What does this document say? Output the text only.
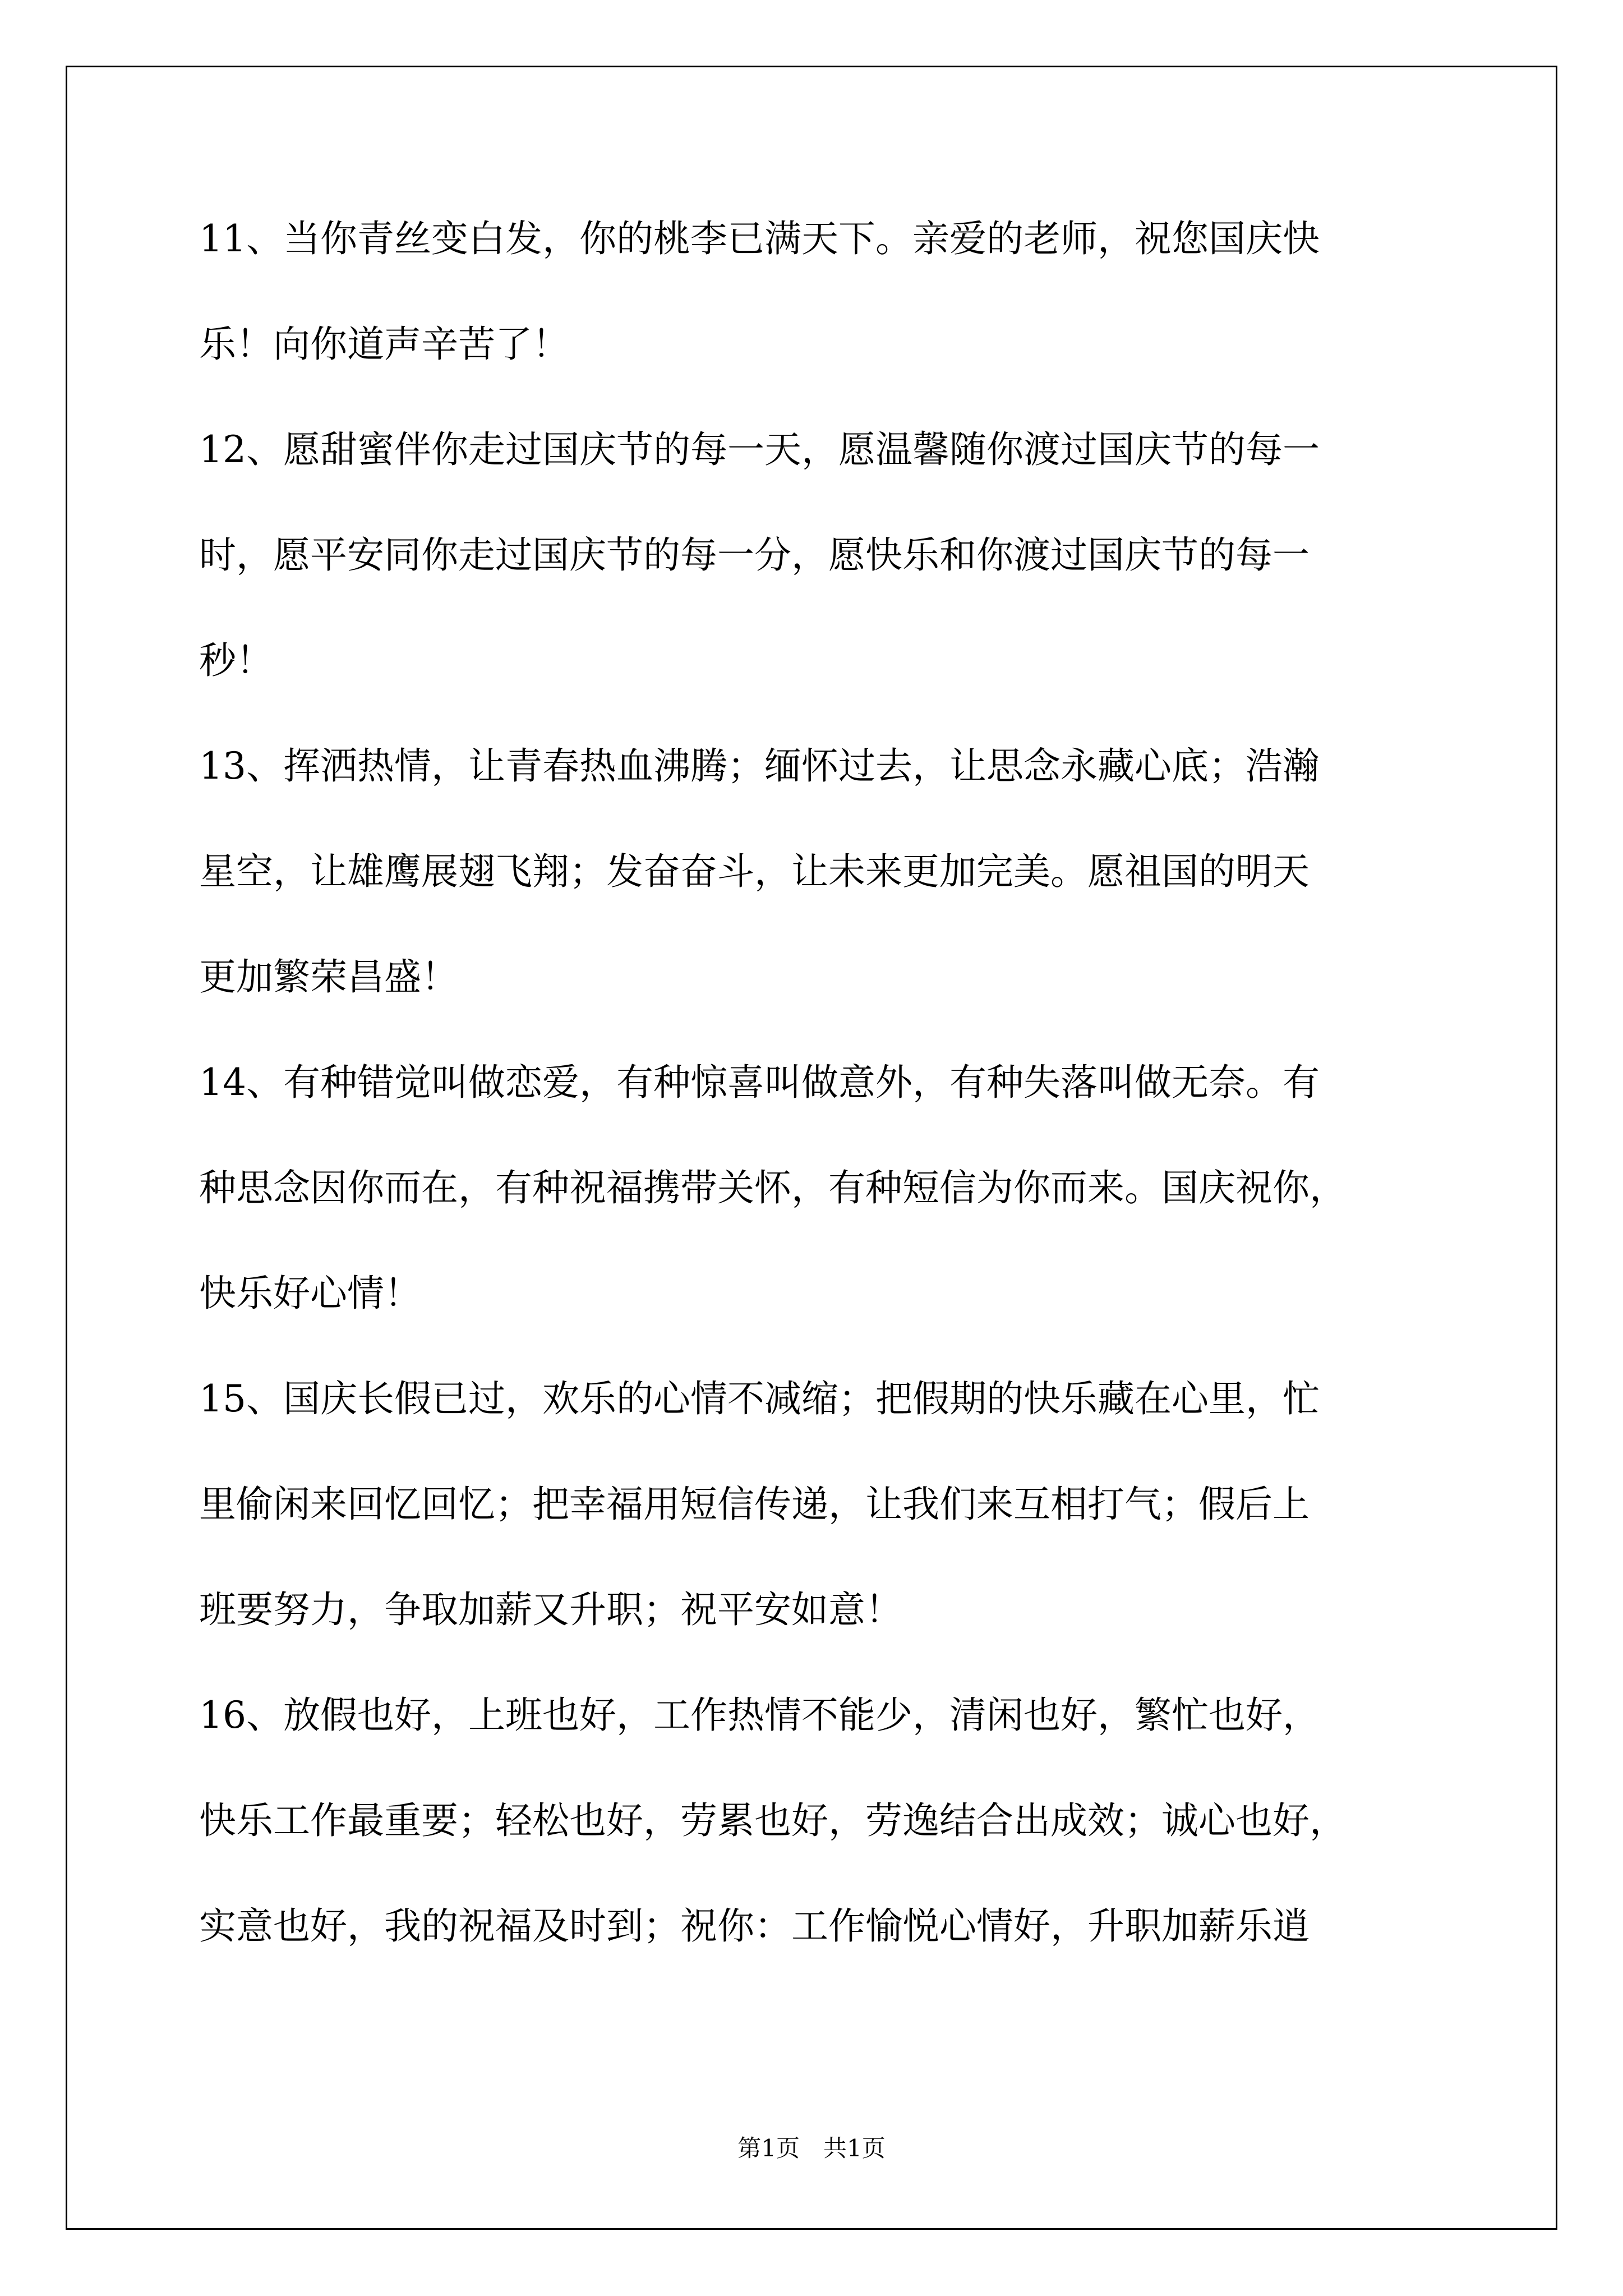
11、当你青丝变白发，你的桃李已满天下。亲爱的老师，祝您国庆快
乐！向你道声辛苦了！
12、愿甜蜜伴你走过国庆节的每一天，愿温馨随你渡过国庆节的每一
时，愿平安同你走过国庆节的每一分，愿快乐和你渡过国庆节的每一
秒！
13、挥洒热情，让青春热血沸腾；缅怀过去，让思念永藏心底；浩瀚
星空，让雄鹰展翅飞翔；发奋奋斗，让未来更加完美。愿祖国的明天
更加繁荣昌盛！
14、有种错觉叫做恋爱，有种惊喜叫做意外，有种失落叫做无奈。有
种思念因你而在，有种祝福携带关怀，有种短信为你而来。国庆祝你，
快乐好心情！
15、国庆长假已过，欢乐的心情不减缩；把假期的快乐藏在心里，忙
里偷闲来回忆回忆；把幸福用短信传递，让我们来互相打气；假后上
班要努力，争取加薪又升职；祝平安如意！
16、放假也好，上班也好，工作热情不能少，清闲也好，繁忙也好，
快乐工作最重要；轻松也好，劳累也好，劳逸结合出成效；诚心也好，
实意也好，我的祝福及时到；祝你：工作愉悦心情好，升职加薪乐逍
第1页　共1页
